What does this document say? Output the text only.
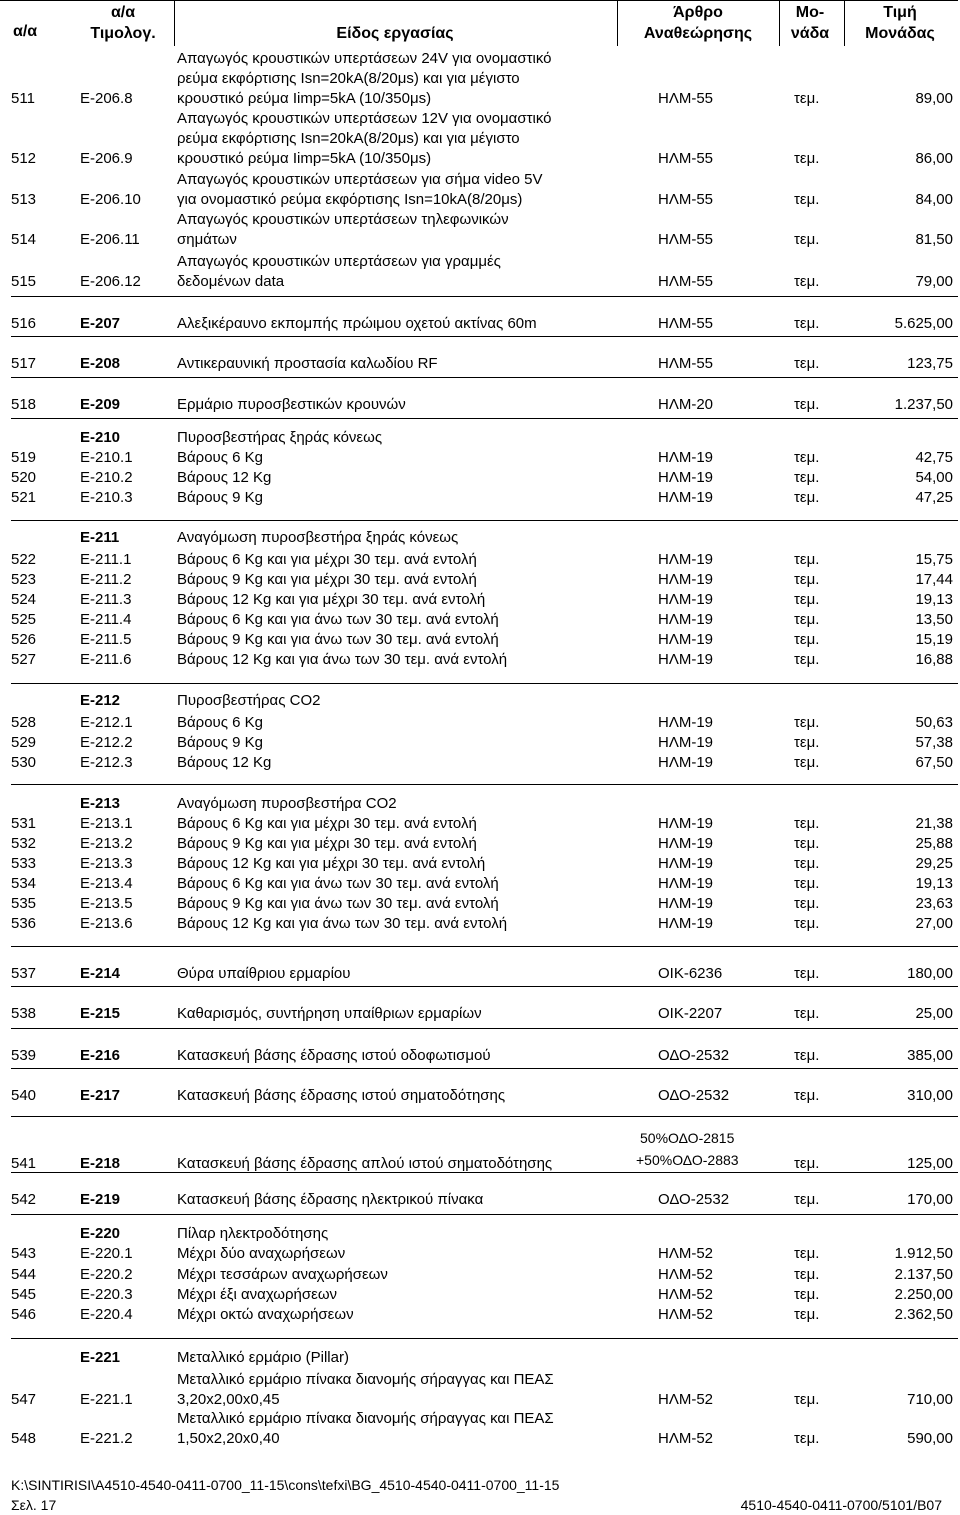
α/α
α/α
Τιμολογ.	Είδος εργασίας
Άρθρο
Αναθεώρησης
Μο-
νάδα
Τιμή
Μονάδας
511	Ε-206.8
Απαγωγός κρουστικών υπερτάσεων 24V για ονομαστικό
ρεύμα εκφόρτισης Isn=20kA(8/20μs) και για μέγιστο
κρουστικό ρεύμα Iimp=5kA (10/350μs)	ΗΛΜ-55	τεμ.	89,00
512	Ε-206.9
Απαγωγός κρουστικών υπερτάσεων 12V για ονομαστικό
ρεύμα εκφόρτισης Isn=20kA(8/20μs) και για μέγιστο
κρουστικό ρεύμα Iimp=5kA (10/350μs)	ΗΛΜ-55	τεμ.	86,00
513	Ε-206.10
Απαγωγός κρουστικών υπερτάσεων για σήμα video 5V
για ονομαστικό ρεύμα εκφόρτισης Isn=10kA(8/20μs)	ΗΛΜ-55	τεμ.	84,00
514	Ε-206.11
Απαγωγός κρουστικών υπερτάσεων τηλεφωνικών
σημάτων	ΗΛΜ-55	τεμ.	81,50
515	Ε-206.12
Απαγωγός κρουστικών υπερτάσεων για γραμμές
δεδομένων data	ΗΛΜ-55	τεμ.	79,00
516	Ε-207	Αλεξικέραυνο εκπομπής πρώιμου οχετού ακτίνας 60m	ΗΛΜ-55	τεμ.	5.625,00
517	Ε-208	Αντικεραυνική προστασία καλωδίου RF	ΗΛΜ-55	τεμ.	123,75
518	Ε-209	Ερμάριο πυροσβεστικών κρουνών	ΗΛΜ-20	τεμ.	1.237,50
Ε-210	Πυροσβεστήρας ξηράς κόνεως
519	Ε-210.1	Βάρους 6 Kg	ΗΛΜ-19	τεμ.	42,75
520	Ε-210.2	Βάρους 12 Kg	ΗΛΜ-19	τεμ.	54,00
521	Ε-210.3	Βάρους 9 Kg	ΗΛΜ-19	τεμ.	47,25
Ε-211	Αναγόμωση πυροσβεστήρα ξηράς κόνεως
522	Ε-211.1	Βάρους 6 Kg και για μέχρι 30 τεμ. ανά εντολή	ΗΛΜ-19	τεμ.	15,75
523	Ε-211.2	Βάρους 9 Kg και για μέχρι 30 τεμ. ανά εντολή	ΗΛΜ-19	τεμ.	17,44
524	Ε-211.3	Βάρους 12 Kg και για μέχρι 30 τεμ. ανά εντολή	ΗΛΜ-19	τεμ.	19,13
525	Ε-211.4	Βάρους 6 Kg και για άνω των 30 τεμ. ανά εντολή	ΗΛΜ-19	τεμ.	13,50
526	Ε-211.5	Βάρους 9 Kg και για άνω των 30 τεμ. ανά εντολή	ΗΛΜ-19	τεμ.	15,19
527	Ε-211.6	Βάρους 12 Kg και για άνω των 30 τεμ. ανά εντολή	ΗΛΜ-19	τεμ.	16,88
Ε-212	Πυροσβεστήρας CO2
528	Ε-212.1	Βάρους 6 Kg	ΗΛΜ-19	τεμ.	50,63
529	Ε-212.2	Βάρους 9 Kg	ΗΛΜ-19	τεμ.	57,38
530	Ε-212.3	Βάρους 12 Kg	ΗΛΜ-19	τεμ.	67,50
Ε-213	Αναγόμωση πυροσβεστήρα CO2
531	Ε-213.1	Βάρους 6 Kg και για μέχρι 30 τεμ. ανά εντολή	ΗΛΜ-19	τεμ.	21,38
532	Ε-213.2	Βάρους 9 Kg και για μέχρι 30 τεμ. ανά εντολή	ΗΛΜ-19	τεμ.	25,88
533	Ε-213.3	Βάρους 12 Kg και για μέχρι 30 τεμ. ανά εντολή	ΗΛΜ-19	τεμ.	29,25
534	Ε-213.4	Βάρους 6 Kg και για άνω των 30 τεμ. ανά εντολή	ΗΛΜ-19	τεμ.	19,13
535	Ε-213.5	Βάρους 9 Kg και για άνω των 30 τεμ. ανά εντολή	ΗΛΜ-19	τεμ.	23,63
536	Ε-213.6	Βάρους 12 Kg και για άνω των 30 τεμ. ανά εντολή	ΗΛΜ-19	τεμ.	27,00
537	Ε-214	Θύρα υπαίθριου ερμαρίου	ΟΙΚ-6236	τεμ.	180,00
538	Ε-215	Καθαρισμός, συντήρηση υπαίθριων ερμαρίων	ΟΙΚ-2207	τεμ.	25,00
539	Ε-216	Κατασκευή βάσης έδρασης ιστού οδοφωτισμού	ΟΔΟ-2532	τεμ.	385,00
540	Ε-217	Κατασκευή βάσης έδρασης ιστού σηματοδότησης	ΟΔΟ-2532	τεμ.	310,00
541	Ε-218	Κατασκευή βάσης έδρασης απλού ιστού σηματοδότησης
50%ΟΔΟ-2815
+50%ΟΔΟ-2883	τεμ.	125,00
542	Ε-219	Κατασκευή βάσης έδρασης ηλεκτρικού πίνακα	ΟΔΟ-2532	τεμ.	170,00
Ε-220	Πίλαρ ηλεκτροδότησης
543	Ε-220.1	Μέχρι δύο αναχωρήσεων	ΗΛΜ-52	τεμ.	1.912,50
544	Ε-220.2	Μέχρι τεσσάρων αναχωρήσεων	ΗΛΜ-52	τεμ.	2.137,50
545	Ε-220.3	Μέχρι έξι αναχωρήσεων	ΗΛΜ-52	τεμ.	2.250,00
546	Ε-220.4	Μέχρι οκτώ αναχωρήσεων	ΗΛΜ-52	τεμ.	2.362,50
Ε-221	Μεταλλικό ερμάριο (Pillar)
547	Ε-221.1
Μεταλλικό ερμάριο πίνακα διανομής σήραγγας και ΠΕΑΣ
3,20x2,00x0,45	ΗΛΜ-52	τεμ.	710,00
548	Ε-221.2
Μεταλλικό ερμάριο πίνακα διανομής σήραγγας και ΠΕΑΣ
1,50x2,20x0,40	ΗΛΜ-52	τεμ.	590,00
K:\SINTIRISI\A4510-4540-0411-0700_11-15\cons\tefxi\BG_4510-4540-0411-0700_11-15
Σελ. 17	4510-4540-0411-0700/5101/B07
